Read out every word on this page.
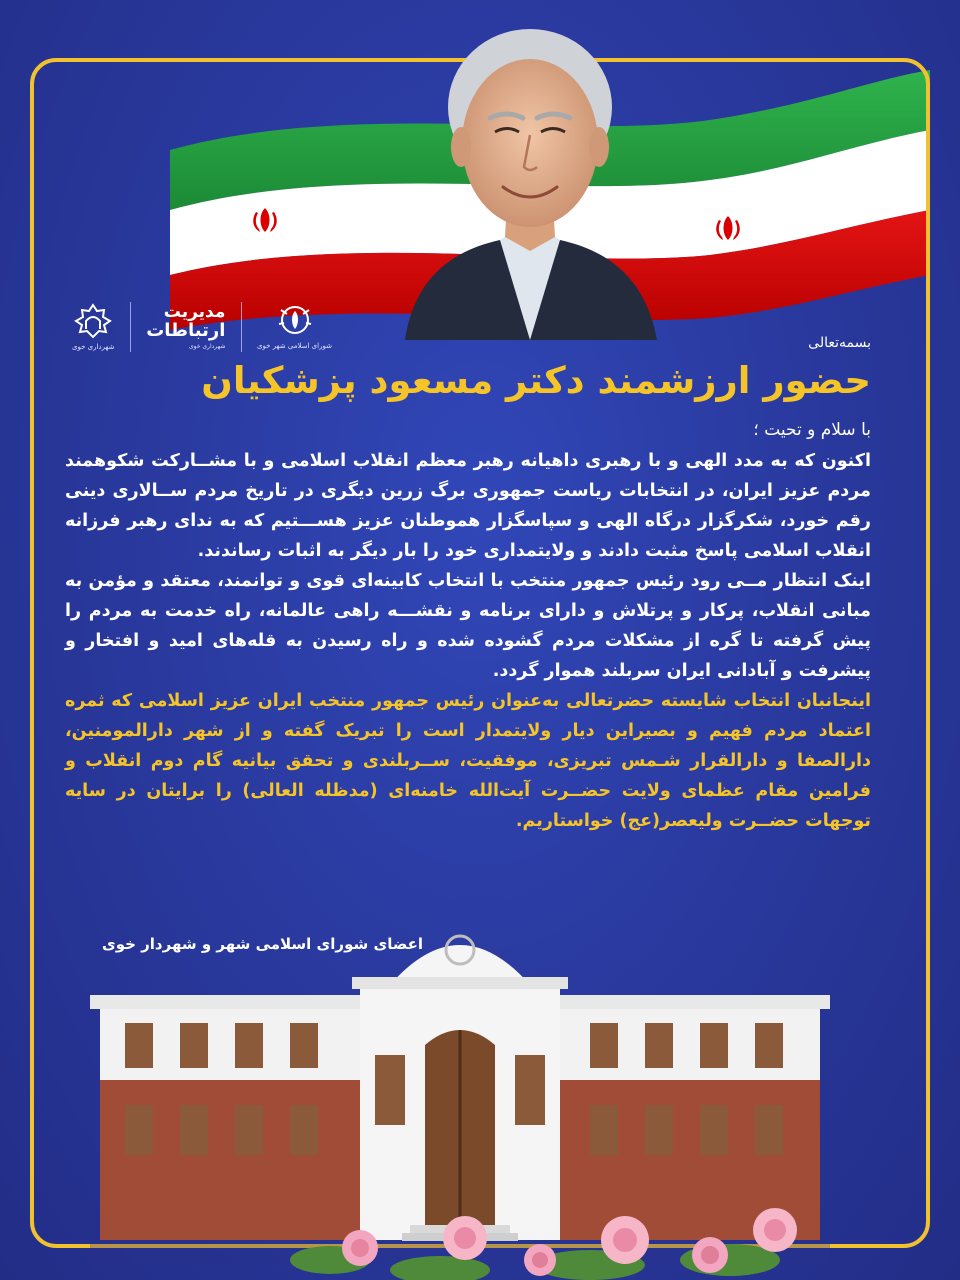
شهرداری خوی
مدیریت
ارتباطات
شهرداری خوی	شورای اسلامی شهر خوی	بسمه‌تعالی
حضور ارزشمند دکتر مسعود پزشکیان
با سلام و تحیت ؛

اکنون که به مدد الهی و با رهبری داهیانه رهبر معظم انقلاب اسلامی و با مشــارکت شکوهمند مردم عزیز ایران، در انتخابات ریاست جمهوری برگ زرین دیگری در تاریخ مردم ســالاری دینی رقم خورد، شکرگزار درگاه الهی و سپاسگزار هموطنان عزیز هســـتیم که به ندای رهبر فرزانه انقلاب اسلامی پاسخ مثبت دادند و ولایتمداری خود را بار دیگر به اثبات رساندند.

اینک انتظار مــی رود رئیس جمهور منتخب با انتخاب کابینه‌ای قوی و توانمند، معتقد و مؤمن به مبانی انقلاب، پرکار و پرتلاش و دارای برنامه و نقشـــه راهی عالمانه، راه خدمت به مردم را پیش گرفته تا گره از مشکلات مردم گشوده شده و راه رسیدن به قله‌های امید و افتخار و پیشرفت و آبادانی ایران سربلند هموار گردد.

اینجانبان انتخاب شایسته حضرتعالی به‌عنوان رئیس جمهور منتخب ایران عزیز اسلامی که ثمره اعتماد مردم فهیم و بصیراین دیار ولایتمدار است را تبریک گفته و از شهر دارالمومنین، دارالصفا و دارالقرار شـمس تبریزی، موفقیت، ســربلندی و تحقق بیانیه گام دوم انقلاب و فرامین مقام عظمای ولایت حضــرت آیت‌الله خامنه‌ای (مدظله العالی) را برایتان در سایه توجهات حضــرت ولیعصر(عج) خواستاریم.

اعضای شورای اسلامی شهر و شهردار خوی
